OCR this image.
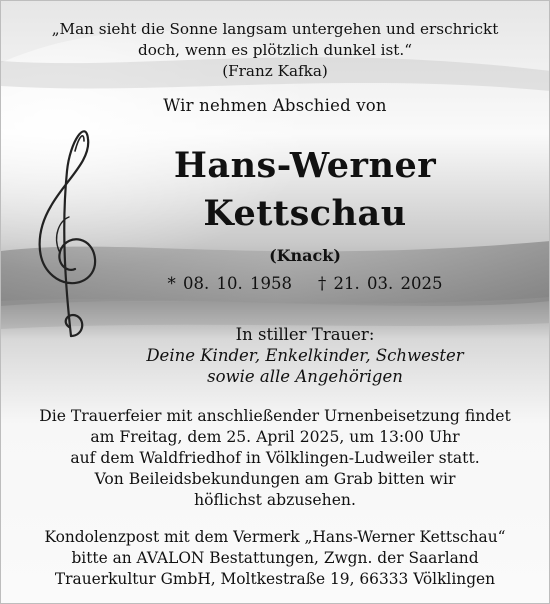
„Man sieht die Sonne langsam untergehen und erschrickt
doch, wenn es plötzlich dunkel ist.“
(Franz Kafka)
Wir nehmen Abschied von
Hans-Werner
Kettschau
(Knack)
* 08. 10. 1958 † 21. 03. 2025
In stiller Trauer:
Deine Kinder, Enkelkinder, Schwester
sowie alle Angehörigen
Die Trauerfeier mit anschließender Urnenbeisetzung findet
am Freitag, dem 25. April 2025, um 13:00 Uhr
auf dem Waldfriedhof in Völklingen-Ludweiler statt.
Von Beileidsbekundungen am Grab bitten wir
höflichst abzusehen.
Kondolenzpost mit dem Vermerk „Hans-Werner Kettschau“
bitte an AVALON Bestattungen, Zwgn. der Saarland
Trauerkultur GmbH, Moltkestraße 19, 66333 Völklingen
